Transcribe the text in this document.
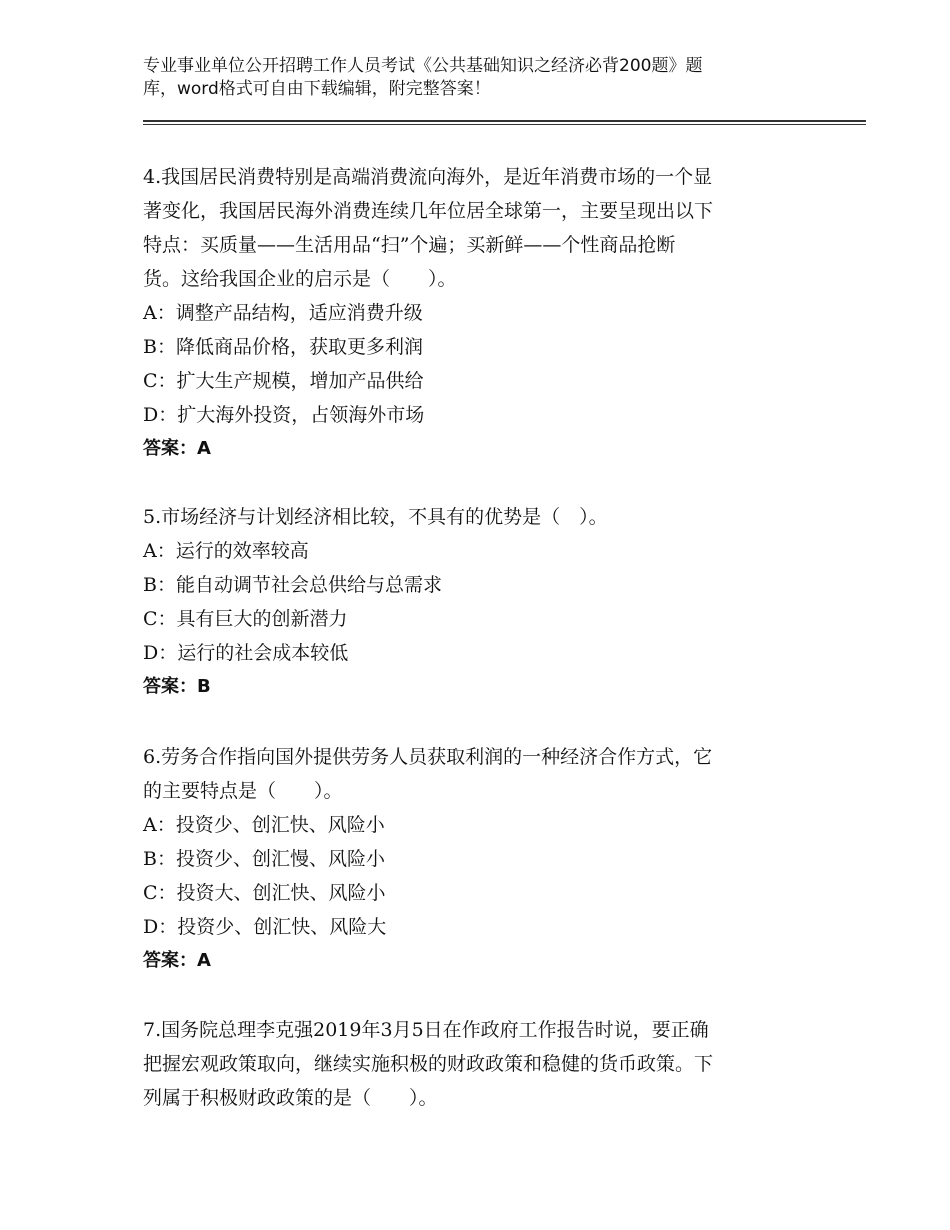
专业事业单位公开招聘工作人员考试《公共基础知识之经济必背200题》题
库，word格式可自由下载编辑，附完整答案！
4.我国居民消费特别是高端消费流向海外，是近年消费市场的一个显
著变化，我国居民海外消费连续几年位居全球第一，主要呈现出以下
特点：买质量——生活用品“扫”个遍；买新鲜——个性商品抢断
货。这给我国企业的启示是（　　）。
A：调整产品结构，适应消费升级
B：降低商品价格，获取更多利润
C：扩大生产规模，增加产品供给
D：扩大海外投资，占领海外市场
答案：A
5.市场经济与计划经济相比较，不具有的优势是（　）。
A：运行的效率较高
B：能自动调节社会总供给与总需求
C：具有巨大的创新潜力
D：运行的社会成本较低
答案：B
6.劳务合作指向国外提供劳务人员获取利润的一种经济合作方式，它
的主要特点是（　　）。
A：投资少、创汇快、风险小
B：投资少、创汇慢、风险小
C：投资大、创汇快、风险小
D：投资少、创汇快、风险大
答案：A
7.国务院总理李克强2019年3月5日在作政府工作报告时说，要正确
把握宏观政策取向，继续实施积极的财政政策和稳健的货币政策。下
列属于积极财政政策的是（　　）。
